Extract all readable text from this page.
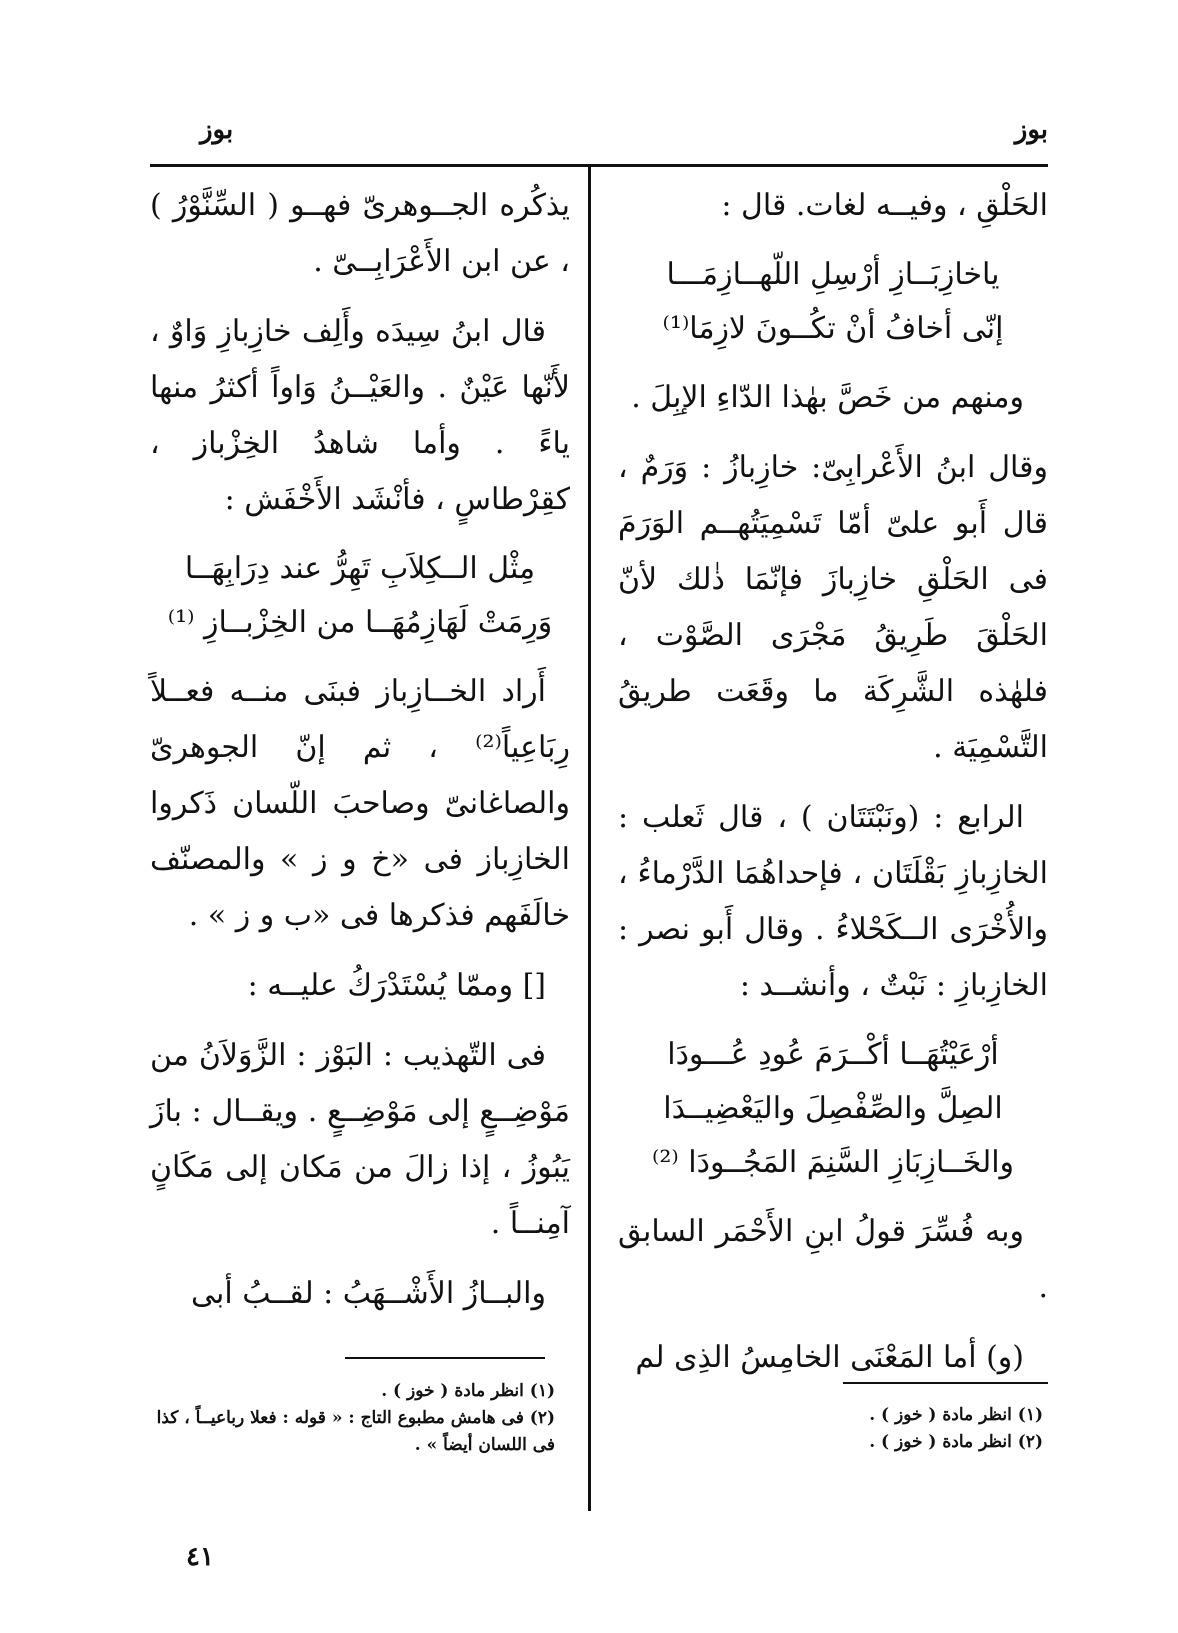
بوز
بوز

الحَلْقِ ، وفيــه لغات. قال :

ياخازِبَــازِ أرْسِلِ اللّهــازِمَـــا
إنّى أخافُ أنْ تكُــونَ لازِمَا⁽¹⁾

ومنهم من خَصَّ بهٰذا الدّاءِ الإبِلَ .

وقال ابنُ الأَعْرابِىّ: خازِبازُ : وَرَمٌ ، قال أَبو علىّ أمّا تَسْمِيَتُهــم الوَرَمَ فى الحَلْقِ خازِبازَ فإنّمَا ذٰلك لأنّ الحَلْقَ طَرِيقُ مَجْرَى الصَّوْت ، فلهٰذه الشَّرِكَة ما وقَعَت طريقُ التَّسْمِيَة .

الرابع : (ونَبْتَتَان ) ، قال ثَعلب : الخازِبازِ بَقْلَتَان ، فإحداهُمَا الدَّرْماءُ ، والأُخْرَى الــكَحْلاءُ . وقال أَبو نصر : الخازِبازِ : نَبْتٌ ، وأنشــد :

أرْعَيْتُهَــا أكْــرَمَ عُودِ عُـــودَا
الصِلَّ والصِّفْصِلَ واليَعْضِيــدَا
والخَــازِبَازِ السَّنِمَ المَجُــودَا ⁽²⁾

وبه فُسِّرَ قولُ ابنِ الأَحْمَر السابق .

(و) أما المَعْنَى الخامِسُ الذِى لم

يذكُره الجــوهرىّ فهــو ( السِّنَّوْرُ ) ، عن ابن الأَعْرَابِــىّ .

قال ابنُ سِيدَه وأَلِف خازِبازِ وَاوٌ ، لأَنّها عَيْنٌ . والعَيْــنُ وَاواً أكثرُ منها ياءً . وأما شاهدُ الخِزْباز ، كقِرْطاسٍ ، فأنْشَد الأَخْفَش :

مِثْل الــكِلاَبِ تَهِرُّ عند دِرَابِهَــا
وَرِمَتْ لَهَازِمُهَــا من الخِزْبــازِ ⁽¹⁾

أَراد الخــازِباز فبنَى منــه فعــلاً رِبَاعِياً⁽²⁾ ، ثم إنّ الجوهرىّ والصاغانىّ وصاحبَ اللّسان ذَكروا الخازِباز فى «خ و ز » والمصنّف خالَفَهم فذكرها فى «ب و ز » .

[] وممّا يُسْتَدْرَكُ عليــه :

فى التّهذيب : البَوْز : الزَّوَلاَنُ من مَوْضِــعٍ إلى مَوْضِــعٍ . ويقــال : بازَ يَبُوزُ ، إذا زالَ من مَكان إلى مَكَانٍ آمِنــاً .

والبــازُ الأَشْــهَبُ : لقــبُ أبى

(١) انظر مادة ( خوز ) .
(٢) انظر مادة ( خوز ) .
(١) انظر مادة ( خوز ) .
(٢) فى هامش مطبوع التاج : « قوله : فعلا رباعيــاً ، كذا فى اللسان أيضاً » .
٤١
